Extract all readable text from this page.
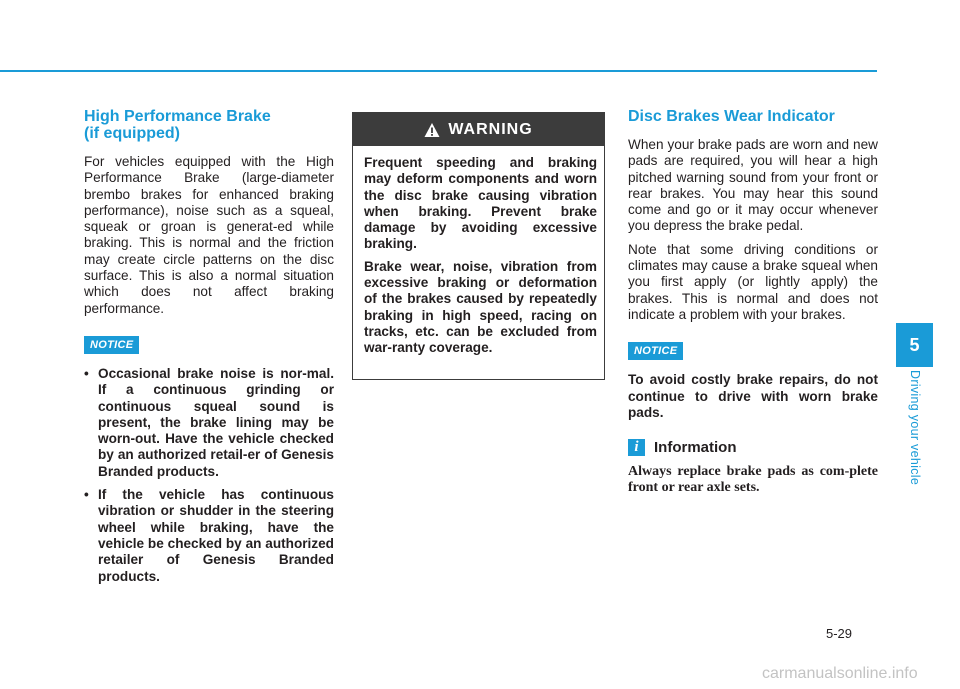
High Performance Brake
(if equipped)

For vehicles equipped with the High Performance Brake (large-diameter brembo brakes for enhanced braking performance), noise such as a squeal, squeak or groan is generat-ed while braking. This is normal and the friction may create circle patterns on the disc surface. This is also a normal situation which does not affect braking performance.

NOTICE
• Occasional brake noise is nor-mal. If a continuous grinding or continuous squeal sound is present, the brake lining may be worn-out. Have the vehicle checked by an authorized retail-er of Genesis Branded products.
• If the vehicle has continuous vibration or shudder in the steering wheel while braking, have the vehicle be checked by an authorized retailer of Genesis Branded products.
WARNING

Frequent speeding and braking may deform components and worn the disc brake causing vibration when braking. Prevent brake damage by avoiding excessive braking.

Brake wear, noise, vibration from excessive braking or deformation of the brakes caused by repeatedly braking in high speed, racing on tracks, etc. can be excluded from war-ranty coverage.

Disc Brakes Wear Indicator

When your brake pads are worn and new pads are required, you will hear a high pitched warning sound from your front or rear brakes. You may hear this sound come and go or it may occur whenever you depress the brake pedal.

Note that some driving conditions or climates may cause a brake squeal when you first apply (or lightly apply) the brakes. This is normal and does not indicate a problem with your brakes.

NOTICE

To avoid costly brake repairs, do not continue to drive with worn brake pads.

i	Information

Always replace brake pads as com-plete front or rear axle sets.

5
Driving your vehicle
5-29
carmanualsonline.info
